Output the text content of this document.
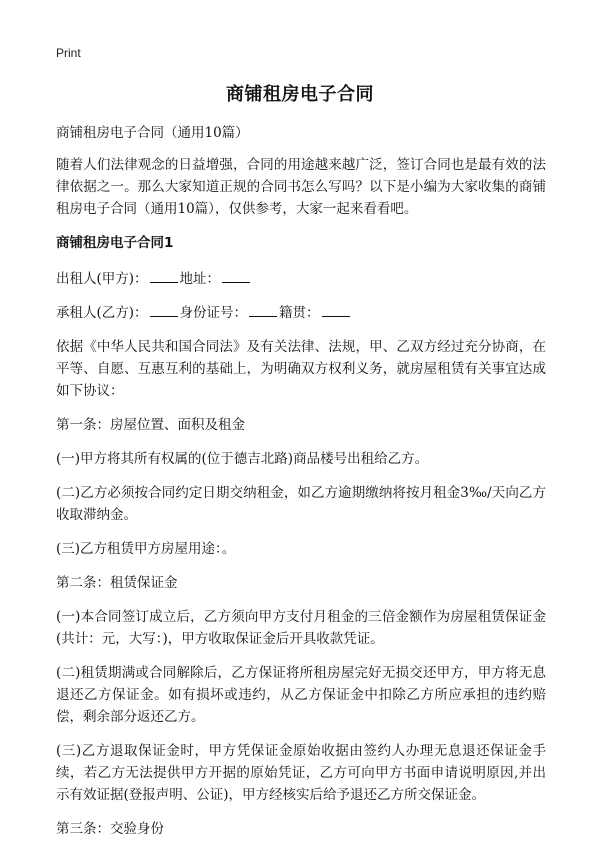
Print
商铺租房电子合同

商铺租房电子合同（通用10篇）

随着人们法律观念的日益增强，合同的用途越来越广泛，签订合同也是最有效的法律依据之一。那么大家知道正规的合同书怎么写吗？以下是小编为大家收集的商铺租房电子合同（通用10篇），仅供参考，大家一起来看看吧。

商铺租房电子合同1

出租人(甲方)： 地址：

承租人(乙方)： 身份证号： 籍贯：

依据《中华人民共和国合同法》及有关法律、法规，甲、乙双方经过充分协商，在平等、自愿、互惠互利的基础上，为明确双方权利义务，就房屋租赁有关事宜达成如下协议：

第一条：房屋位置、面积及租金

(一)甲方将其所有权属的(位于德吉北路)商品楼号出租给乙方。

(二)乙方必须按合同约定日期交纳租金，如乙方逾期缴纳将按月租金3‰/天向乙方收取滞纳金。

(三)乙方租赁甲方房屋用途：。

第二条：租赁保证金

(一)本合同签订成立后，乙方须向甲方支付月租金的三倍金额作为房屋租赁保证金(共计：元，大写：)，甲方收取保证金后开具收款凭证。

(二)租赁期满或合同解除后，乙方保证将所租房屋完好无损交还甲方，甲方将无息退还乙方保证金。如有损坏或违约，从乙方保证金中扣除乙方所应承担的违约赔偿，剩余部分返还乙方。

(三)乙方退取保证金时，甲方凭保证金原始收据由签约人办理无息退还保证金手续，若乙方无法提供甲方开据的原始凭证，乙方可向甲方书面申请说明原因,并出示有效证据(登报声明、公证)，甲方经核实后给予退还乙方所交保证金。

第三条：交验身份
